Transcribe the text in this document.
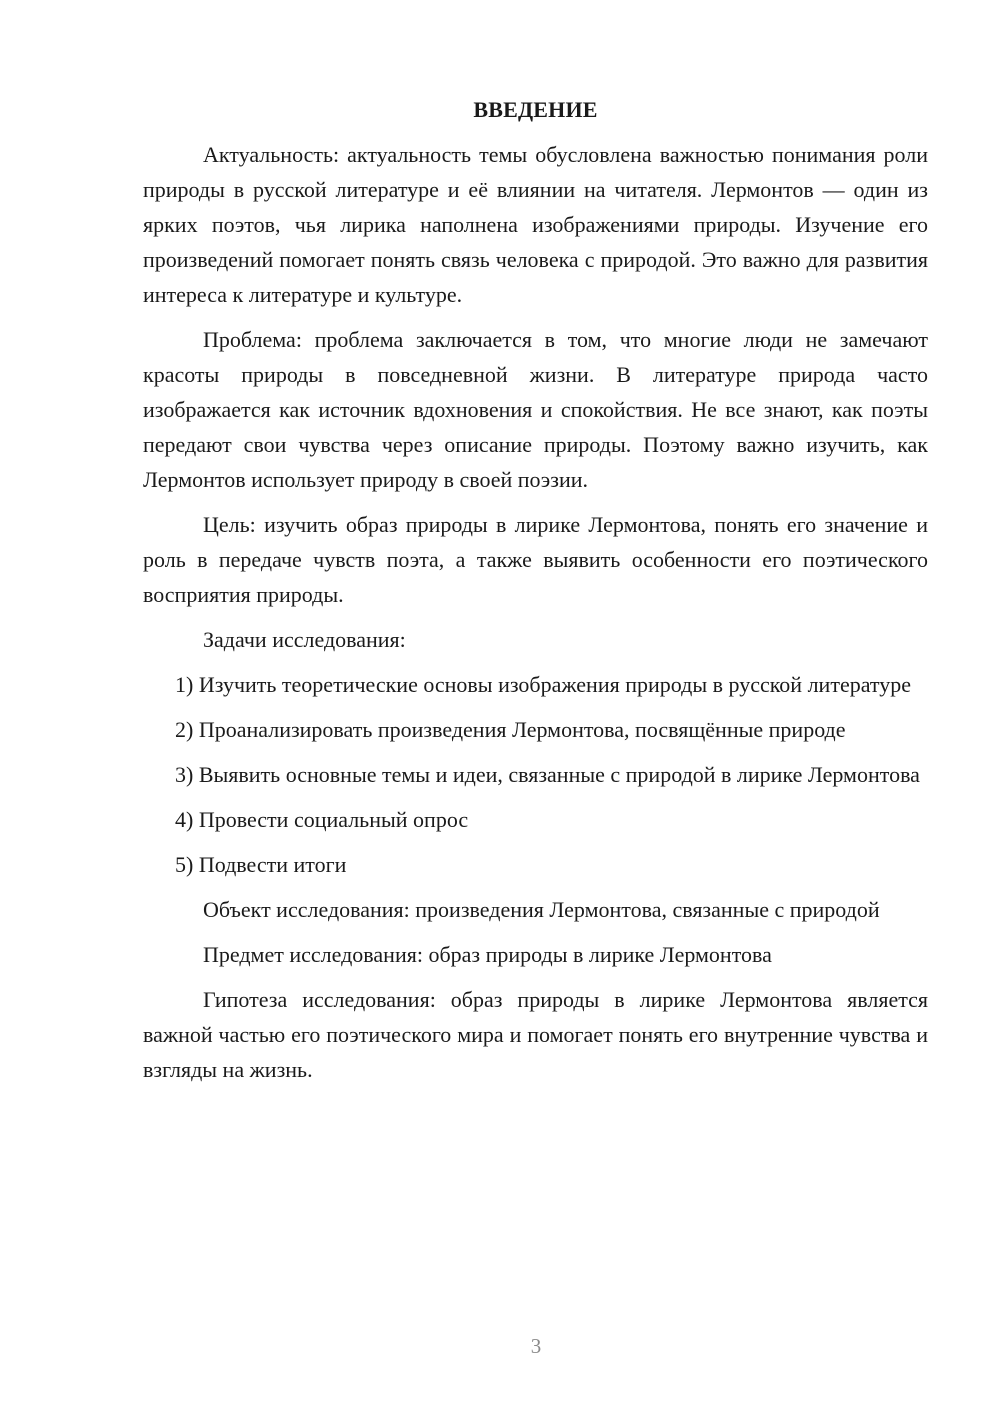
ВВЕДЕНИЕ

Актуальность: актуальность темы обусловлена важностью понимания роли природы в русской литературе и её влиянии на читателя. Лермонтов — один из ярких поэтов, чья лирика наполнена изображениями природы. Изучение его произведений помогает понять связь человека с природой. Это важно для развития интереса к литературе и культуре.

Проблема: проблема заключается в том, что многие люди не замечают красоты природы в повседневной жизни. В литературе природа часто изображается как источник вдохновения и спокойствия. Не все знают, как поэты передают свои чувства через описание природы. Поэтому важно изучить, как Лермонтов использует природу в своей поэзии.

Цель: изучить образ природы в лирике Лермонтова, понять его значение и роль в передаче чувств поэта, а также выявить особенности его поэтического восприятия природы.

Задачи исследования:

1) Изучить теоретические основы изображения природы в русской литературе

2) Проанализировать произведения Лермонтова, посвящённые природе

3) Выявить основные темы и идеи, связанные с природой в лирике Лермонтова

4) Провести социальный опрос

5) Подвести итоги

Объект исследования: произведения Лермонтова, связанные с природой

Предмет исследования: образ природы в лирике Лермонтова

Гипотеза исследования: образ природы в лирике Лермонтова является важной частью его поэтического мира и помогает понять его внутренние чувства и взгляды на жизнь.

3
